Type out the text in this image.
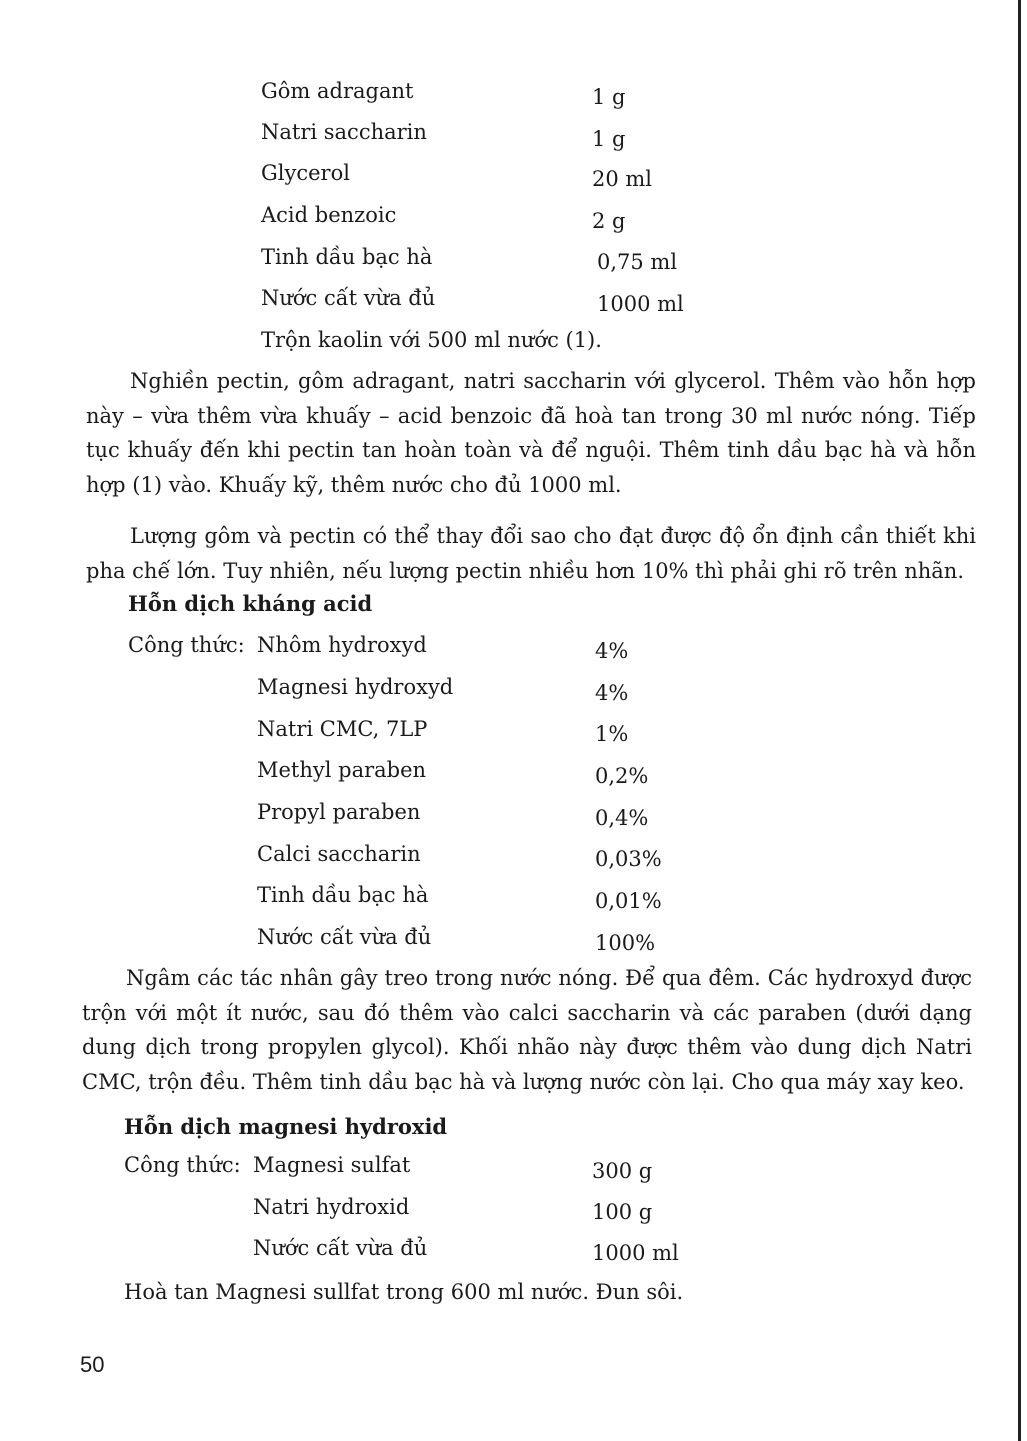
Gôm adragant	1 g
Natri saccharin	1 g
Glycerol	20 ml
Acid benzoic	2 g
Tinh dầu bạc hà	0,75 ml
Nước cất vừa đủ	1000 ml
Trộn kaolin với 500 ml nước (1).
Nghiền pectin, gôm adragant, natri saccharin với glycerol. Thêm vào hỗn hợp này – vừa thêm vừa khuấy – acid benzoic đã hoà tan trong 30 ml nước nóng. Tiếp tục khuấy đến khi pectin tan hoàn toàn và để nguội. Thêm tinh dầu bạc hà và hỗn hợp (1) vào. Khuấy kỹ, thêm nước cho đủ 1000 ml.
Lượng gôm và pectin có thể thay đổi sao cho đạt được độ ổn định cần thiết khi pha chế lớn. Tuy nhiên, nếu lượng pectin nhiều hơn 10% thì phải ghi rõ trên nhãn.
Hỗn dịch kháng acid
Công thức: Nhôm hydroxyd	4%
Magnesi hydroxyd	4%
Natri CMC, 7LP	1%
Methyl paraben	0,2%
Propyl paraben	0,4%
Calci saccharin	0,03%
Tinh dầu bạc hà	0,01%
Nước cất vừa đủ	100%
Ngâm các tác nhân gây treo trong nước nóng. Để qua đêm. Các hydroxyd được trộn với một ít nước, sau đó thêm vào calci saccharin và các paraben (dưới dạng dung dịch trong propylen glycol). Khối nhão này được thêm vào dung dịch Natri CMC, trộn đều. Thêm tinh dầu bạc hà và lượng nước còn lại. Cho qua máy xay keo.
Hỗn dịch magnesi hydroxid
Công thức: Magnesi sulfat	300 g
Natri hydroxid	100 g
Nước cất vừa đủ	1000 ml
Hoà tan Magnesi sullfat trong 600 ml nước. Đun sôi.
50
